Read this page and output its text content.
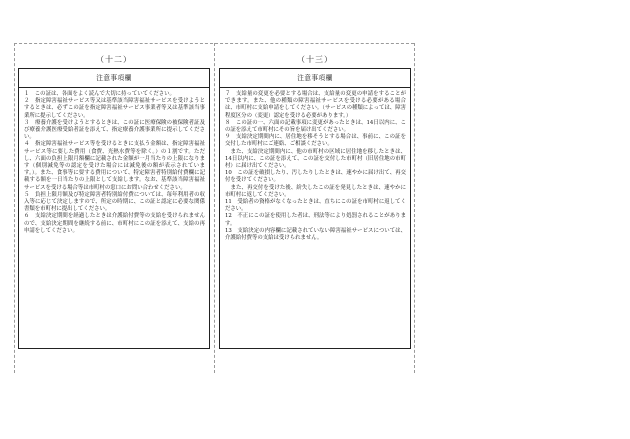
（十二）
注意事項欄

１　この証は、各面をよく読んで大切に持っていてください。

２　指定障害福祉サービス等又は基準該当障害福祉サービスを受けようとするときは、必ずこの証を指定障害福祉サービス事業者等又は基準該当事業所に提示してください。

３　療養介護を受けようとするときは、この証に医療保険の被保険者証及び療養介護医療受給者証を添えて、指定療養介護事業所に提示してください。

４　指定障害福祉サービス等を受けるときに支払う金額は、指定障害福祉サービス等に要した費用（食費、光熱水費等を除く。）の１割です。ただし、六面の負担上限月額欄に記載された金額が一月当たりの上限になります（個別減免等の認定を受けた場合には減免後の額が表示されています。）。また、食事等に要する費用について、特定障害者特別給付費欄に記載する額を一日当たりの上限として支給します。なお、基準該当障害福祉サービスを受ける場合等は市町村の窓口にお問い合わせください。

５　負担上限月額及び特定障害者特別給付費については、毎年利用者の収入等に応じて決定しますので、所定の時期に、この証と認定に必要な関係書類を市町村に提出してください。

６　支給決定期間を経過したときは介護給付費等の支給を受けられませんので、支給決定期間を継続する前に、市町村にこの証を添えて、支給の再申請をしてください。

（十三）
注意事項欄

７　支給量の変更を必要とする場合は、支給量の変更の申請をすることができます。また、他の種類の障害福祉サービスを受ける必要がある場合は、市町村に支給申請をしてください。（サービスの種類によっては、障害程度区分の（変更）認定を受ける必要があります。）

８　この証の一、六面の記載事項に変更があったときは、14日以内に、この証を添えて市町村にその旨を届け出てください。

９　支給決定期間内に、居住地を移そうとする場合は、事前に、この証を交付した市町村にご連絡、ご相談ください。
　また、支給決定期間内に、他の市町村の区域に居住地を移したときは、14日以内に、この証を添えて、この証を交付した市町村（旧居住地の市町村）に届け出てください。

10　この証を破損したり、汚したりしたときは、速やかに届け出て、再交付を受けてください。
　また、再交付を受けた後、紛失したこの証を発見したときは、速やかに市町村に返してください。

11　受給者の資格がなくなったときは、直ちにこの証を市町村に返してください。

12　不正にこの証を使用した者は、刑法等により処罰されることがあります。

13　支給決定の内容欄に記載されていない障害福祉サービスについては、介護給付費等の支給は受けられません。
